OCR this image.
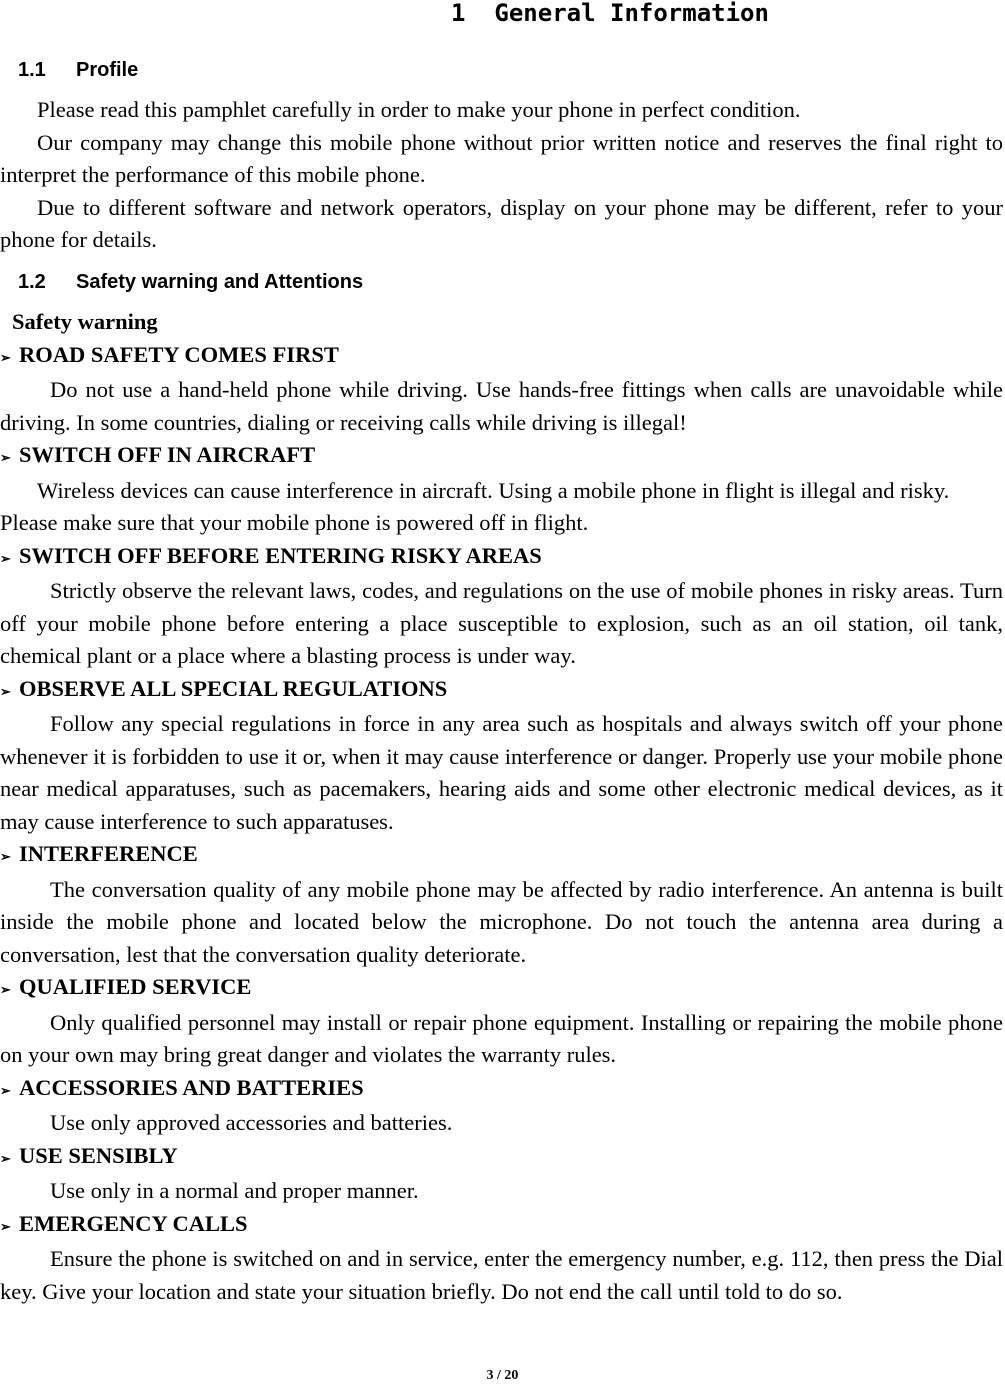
1 General Information
1.1 Profile

Please read this pamphlet carefully in order to make your phone in perfect condition.

Our company may change this mobile phone without prior written notice and reserves the final right to interpret the performance of this mobile phone.

Due to different software and network operators, display on your phone may be different, refer to your phone for details.

1.2 Safety warning and Attentions

Safety warning

➢ ROAD SAFETY COMES FIRST

Do not use a hand-held phone while driving. Use hands-free fittings when calls are unavoidable while driving. In some countries, dialing or receiving calls while driving is illegal!

➢ SWITCH OFF IN AIRCRAFT

Wireless devices can cause interference in aircraft. Using a mobile phone in flight is illegal and risky.

Please make sure that your mobile phone is powered off in flight.

➢ SWITCH OFF BEFORE ENTERING RISKY AREAS

Strictly observe the relevant laws, codes, and regulations on the use of mobile phones in risky areas. Turn off your mobile phone before entering a place susceptible to explosion, such as an oil station, oil tank, chemical plant or a place where a blasting process is under way.

➢ OBSERVE ALL SPECIAL REGULATIONS

Follow any special regulations in force in any area such as hospitals and always switch off your phone whenever it is forbidden to use it or, when it may cause interference or danger. Properly use your mobile phone near medical apparatuses, such as pacemakers, hearing aids and some other electronic medical devices, as it may cause interference to such apparatuses.

➢ INTERFERENCE

The conversation quality of any mobile phone may be affected by radio interference. An antenna is built inside the mobile phone and located below the microphone. Do not touch the antenna area during a conversation, lest that the conversation quality deteriorate.

➢ QUALIFIED SERVICE

Only qualified personnel may install or repair phone equipment. Installing or repairing the mobile phone on your own may bring great danger and violates the warranty rules.

➢ ACCESSORIES AND BATTERIES

Use only approved accessories and batteries.

➢ USE SENSIBLY

Use only in a normal and proper manner.

➢ EMERGENCY CALLS

Ensure the phone is switched on and in service, enter the emergency number, e.g. 112, then press the Dial key. Give your location and state your situation briefly. Do not end the call until told to do so.

3 / 20
